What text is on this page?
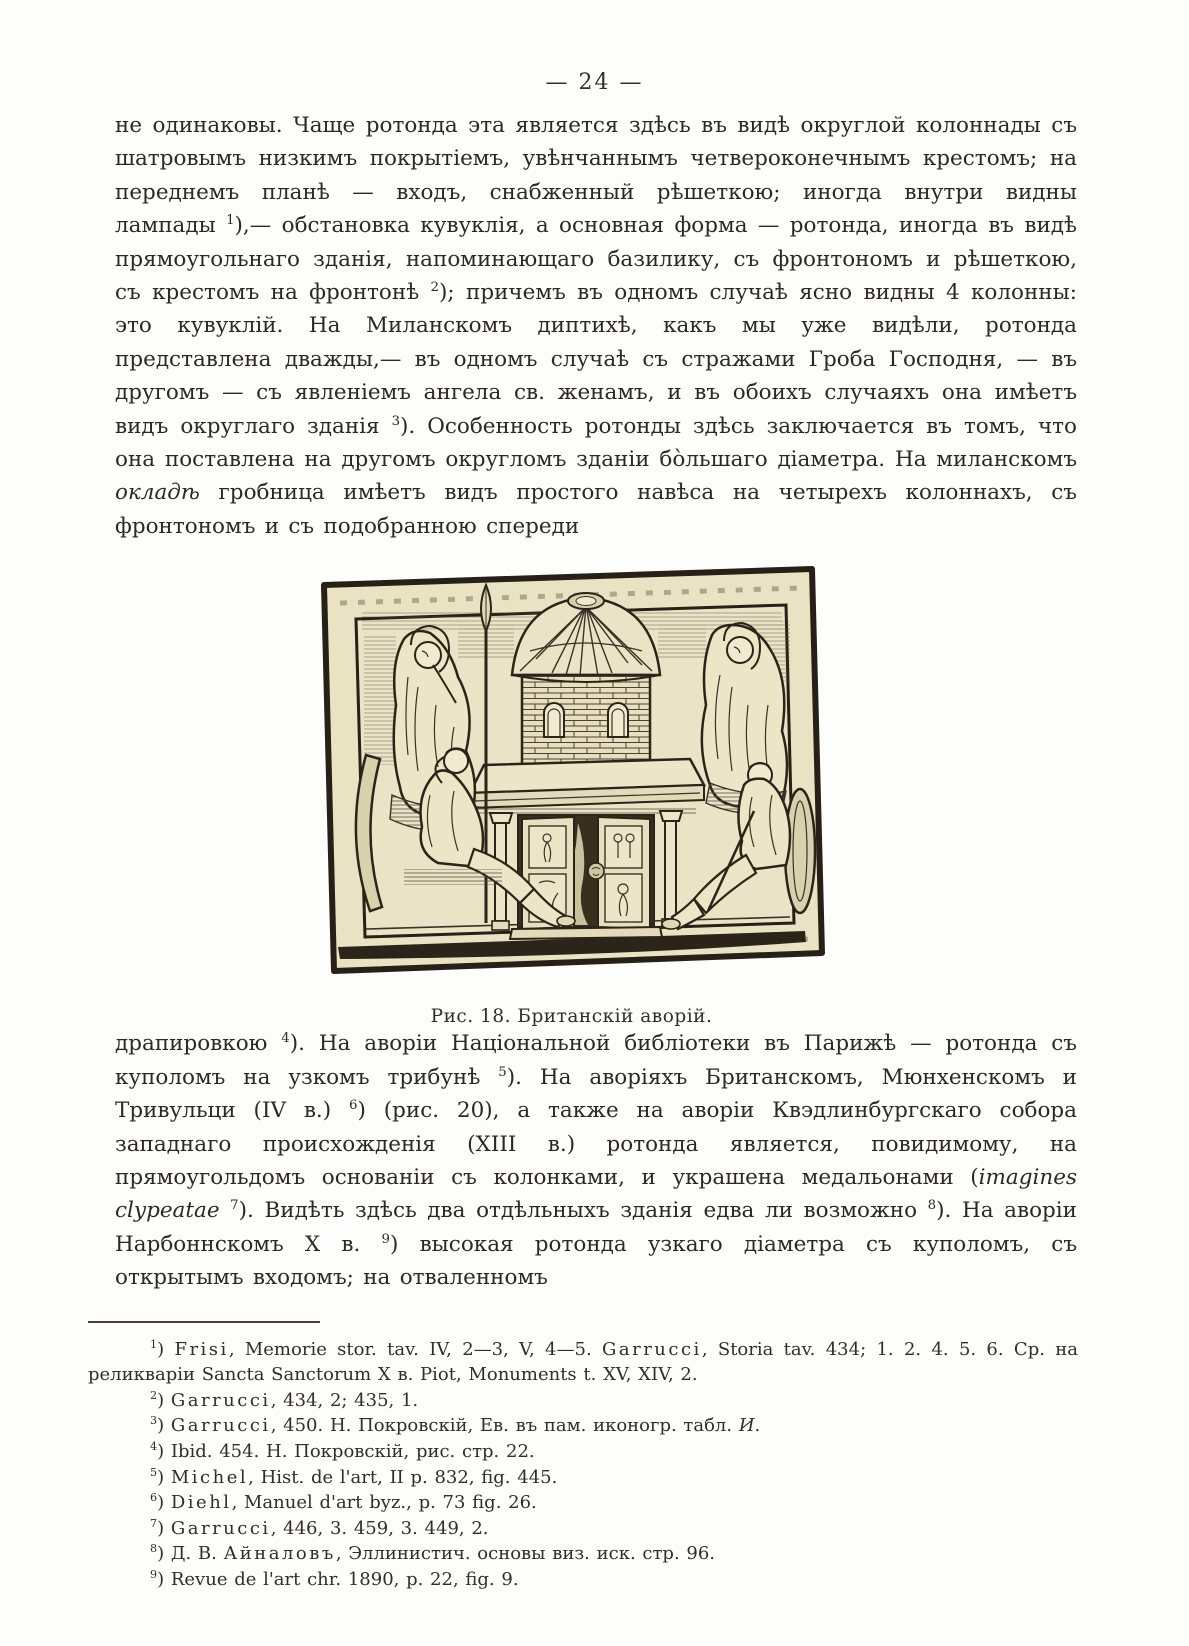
— 24 —

не одинаковы. Чаще ротонда эта является здѣсь въ видѣ округлой колоннады съ шатровымъ низкимъ покрытіемъ, увѣнчаннымъ четвероконечнымъ крестомъ; на переднемъ планѣ — входъ, снабженный рѣшеткою; иногда внутри видны лампады $^1$),— обстановка кувуклія, а основная форма — ротонда, иногда въ видѣ прямоугольнаго зданія, напоминающаго базилику, съ фронтономъ и рѣшеткою, съ крестомъ на фронтонѣ $^2$); причемъ въ одномъ случаѣ ясно видны 4 колонны: это кувуклій. На Миланскомъ диптихѣ, какъ мы уже видѣли, ротонда представлена дважды,— въ одномъ случаѣ съ стражами Гроба Господня, — въ другомъ — съ явленіемъ ангела св. женамъ, и въ обоихъ случаяхъ она имѣетъ видъ округлаго зданія $^3$). Особенность ротонды здѣсь заключается въ томъ, что она поставлена на другомъ округломъ зданіи бо̀льшаго діаметра. На миланскомъ окладѣ гробница имѣетъ видъ простого навѣса на четырехъ колоннахъ, съ фронтономъ и съ подобранною спереди

Рис. 18. Британскій аворій.

драпировкою $^4$). На аворіи Національной библіотеки въ Парижѣ — ротонда съ куполомъ на узкомъ трибунѣ $^5$). На аворіяхъ Британскомъ, Мюнхенскомъ и Тривульци (IV в.) $^6$) (рис. 20), а также на аворіи Квэдлинбургскаго собора западнаго происхожденія (XIII в.) ротонда является, повидимому, на прямоугольдомъ основаніи съ колонками, и украшена медальонами (imagines clypeatae $^7$). Видѣть здѣсь два отдѣльныхъ зданія едва ли возможно $^8$). На аворіи Нарбоннскомъ X в. $^9$) высокая ротонда узкаго діаметра съ куполомъ, съ открытымъ входомъ; на отваленномъ

$^1$) Frisi, Memorie stor. tav. IV, 2—3, V, 4—5. Garrucci, Storia tav. 434; 1. 2. 4. 5. 6. Ср. на реликваріи Sancta Sanctorum X в. Piot, Monuments t. XV, XIV, 2.

$^2$) Garrucci, 434, 2; 435, 1.

$^3$) Garrucci, 450. Н. Покровскій, Ев. въ пам. иконогр. табл. И.

$^4$) Ibid. 454. Н. Покровскій, рис. стр. 22.

$^5$) Michel, Hist. de l'art, II p. 832, fig. 445.

$^6$) Diehl, Manuel d'art byz., p. 73 fig. 26.

$^7$) Garrucci, 446, 3. 459, 3. 449, 2.

$^8$) Д. В. Айналовъ, Эллинистич. основы виз. иск. стр. 96.

$^9$) Revue de l'art chr. 1890, p. 22, fig. 9.
